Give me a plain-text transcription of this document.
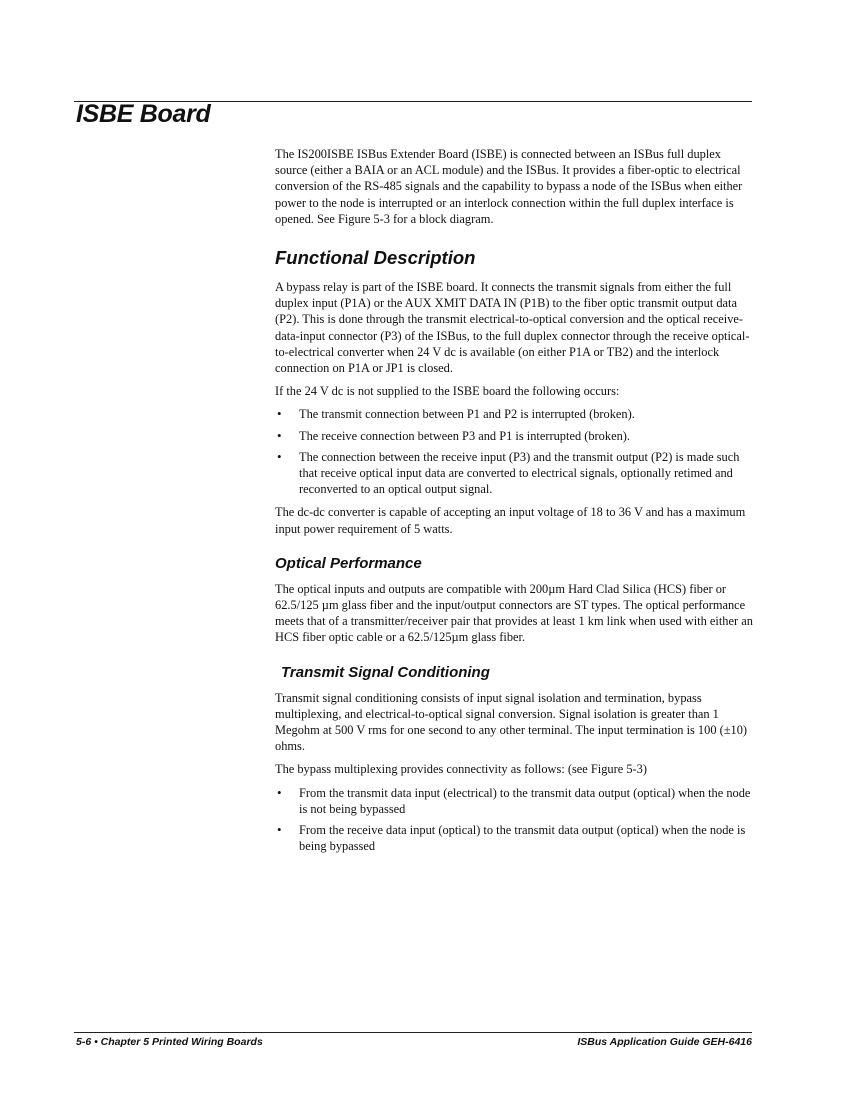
ISBE Board

The IS200ISBE ISBus Extender Board (ISBE) is connected between an ISBus full duplex source (either a BAIA or an ACL module) and the ISBus. It provides a fiber-optic to electrical conversion of the RS-485 signals and the capability to bypass a node of the ISBus when either power to the node is interrupted or an interlock connection within the full duplex interface is opened. See Figure 5-3 for a block diagram.

Functional Description

A bypass relay is part of the ISBE board. It connects the transmit signals from either the full duplex input (P1A) or the AUX XMIT DATA IN (P1B) to the fiber optic transmit output data (P2). This is done through the transmit electrical-to-optical conversion and the optical receive-data-input connector (P3) of the ISBus, to the full duplex connector through the receive optical-to-electrical converter when 24 V dc is available (on either P1A or TB2) and the interlock connection on P1A or JP1 is closed.

If the 24 V dc is not supplied to the ISBE board the following occurs:

• The transmit connection between P1 and P2 is interrupted (broken).
• The receive connection between P3 and P1 is interrupted (broken).
• The connection between the receive input (P3) and the transmit output (P2) is made such that receive optical input data are converted to electrical signals, optionally retimed and reconverted to an optical output signal.

The dc-dc converter is capable of accepting an input voltage of 18 to 36 V and has a maximum input power requirement of 5 watts.

Optical Performance

The optical inputs and outputs are compatible with 200µm Hard Clad Silica (HCS) fiber or 62.5/125 µm glass fiber and the input/output connectors are ST types. The optical performance meets that of a transmitter/receiver pair that provides at least 1 km link when used with either an HCS fiber optic cable or a 62.5/125µm glass fiber.

Transmit Signal Conditioning

Transmit signal conditioning consists of input signal isolation and termination, bypass multiplexing, and electrical-to-optical signal conversion. Signal isolation is greater than 1 Megohm at 500 V rms for one second to any other terminal. The input termination is 100 (±10) ohms.

The bypass multiplexing provides connectivity as follows: (see Figure 5-3)

• From the transmit data input (electrical) to the transmit data output (optical) when the node is not being bypassed
• From the receive data input (optical) to the transmit data output (optical) when the node is being bypassed
5-6 • Chapter 5 Printed Wiring Boards	ISBus Application Guide GEH-6416
